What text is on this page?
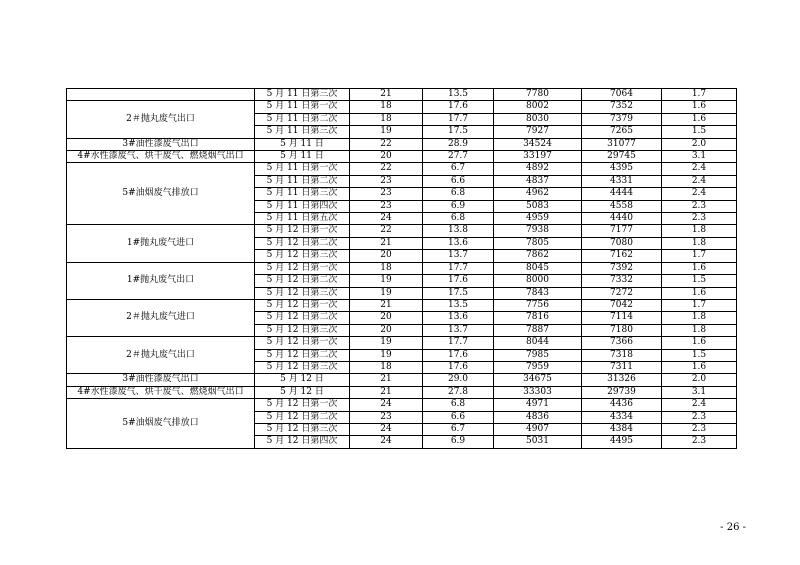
	5 月 11 日第三次	21	13.5	7780	7064	1.7
2＃抛丸废气出口	5 月 11 日第一次	18	17.6	8002	7352	1.6
	5 月 11 日第二次	18	17.7	8030	7379	1.6
	5 月 11 日第三次	19	17.5	7927	7265	1.5
3#油性漆废气出口	5 月 11 日	22	28.9	34524	31077	2.0
4#水性漆废气、烘干废气、燃烧烟气出口	5 月 11 日	20	27.7	33197	29745	3.1
5#油烟废气排放口	5 月 11 日第一次	22	6.7	4892	4395	2.4
	5 月 11 日第二次	23	6.6	4837	4331	2.4
	5 月 11 日第三次	23	6.8	4962	4444	2.4
	5 月 11 日第四次	23	6.9	5083	4558	2.3
	5 月 11 日第五次	24	6.8	4959	4440	2.3
1#抛丸废气进口	5 月 12 日第一次	22	13.8	7938	7177	1.8
	5 月 12 日第二次	21	13.6	7805	7080	1.8
	5 月 12 日第三次	20	13.7	7862	7162	1.7
1#抛丸废气出口	5 月 12 日第一次	18	17.7	8045	7392	1.6
	5 月 12 日第二次	19	17.6	8000	7332	1.5
	5 月 12 日第三次	19	17.5	7843	7272	1.6
2＃抛丸废气进口	5 月 12 日第一次	21	13.5	7756	7042	1.7
	5 月 12 日第二次	20	13.6	7816	7114	1.8
	5 月 12 日第三次	20	13.7	7887	7180	1.8
2＃抛丸废气出口	5 月 12 日第一次	19	17.7	8044	7366	1.6
	5 月 12 日第二次	19	17.6	7985	7318	1.5
	5 月 12 日第三次	18	17.6	7959	7311	1.6
3#油性漆废气出口	5 月 12 日	21	29.0	34675	31326	2.0
4#水性漆废气、烘干废气、燃烧烟气出口	5 月 12 日	21	27.8	33303	29739	3.1
5#油烟废气排放口	5 月 12 日第一次	24	6.8	4971	4436	2.4
	5 月 12 日第二次	23	6.6	4836	4334	2.3
	5 月 12 日第三次	24	6.7	4907	4384	2.3
	5 月 12 日第四次	24	6.9	5031	4495	2.3
- 26 -
